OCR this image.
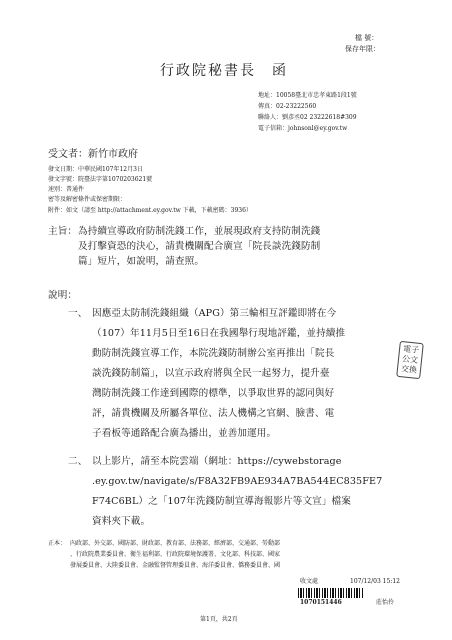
檔 號：
保存年限：
行政院秘書長　函
地址：10058臺北市忠孝東路1段1號
傳真：02-23222560
聯絡人：劉彥丞02 23222618#309
電子信箱：johnsonl@ey.gov.tw
受文者：新竹市政府
發文日期：中華民國107年12月3日
發文字號：院臺法字第1070203621號
速別：普通件
密等及解密條件或保密期限：
附件：如文（請至 http://attachment.ey.gov.tw 下載，下載密碼：3936）
主旨： 為持續宣導政府防制洗錢工作，並展現政府支持防制洗錢
及打擊資恐的決心，請貴機關配合廣宣「院長談洗錢防制
篇」短片，如說明，請查照。
說明：
一、 因應亞太防制洗錢組織（APG）第三輪相互評鑑即將在今
（107）年11月5日至16日在我國舉行現地評鑑，並持續推
動防制洗錢宣導工作，本院洗錢防制辦公室再推出「院長
談洗錢防制篇」，以宣示政府將與全民一起努力，提升臺
灣防制洗錢工作達到國際的標準，以爭取世界的認同與好
評，請貴機關及所屬各單位、法人機構之官網、臉書、電
子看板等通路配合廣為播出，並善加運用。
二、 以上影片，請至本院雲端（網址：https://cywebstorage
.ey.gov.tw/navigate/s/F8A32FB9AE934A7BA544EC835FE7
F74C6BL）之「107年洗錢防制宣導海報影片等文宣」檔案
資料夾下載。
正本： 內政部、外交部、國防部、財政部、教育部、法務部、經濟部、交通部、勞動部
、行政院農業委員會、衛生福利部、行政院環境保護署、文化部、科技部、國家
發展委員會、大陸委員會、金融監督管理委員會、海洋委員會、僑務委員會、國
電子
公文
交換
收文處	107/12/03 15:12
1070151446	莊怡伶
第1頁，共2頁
